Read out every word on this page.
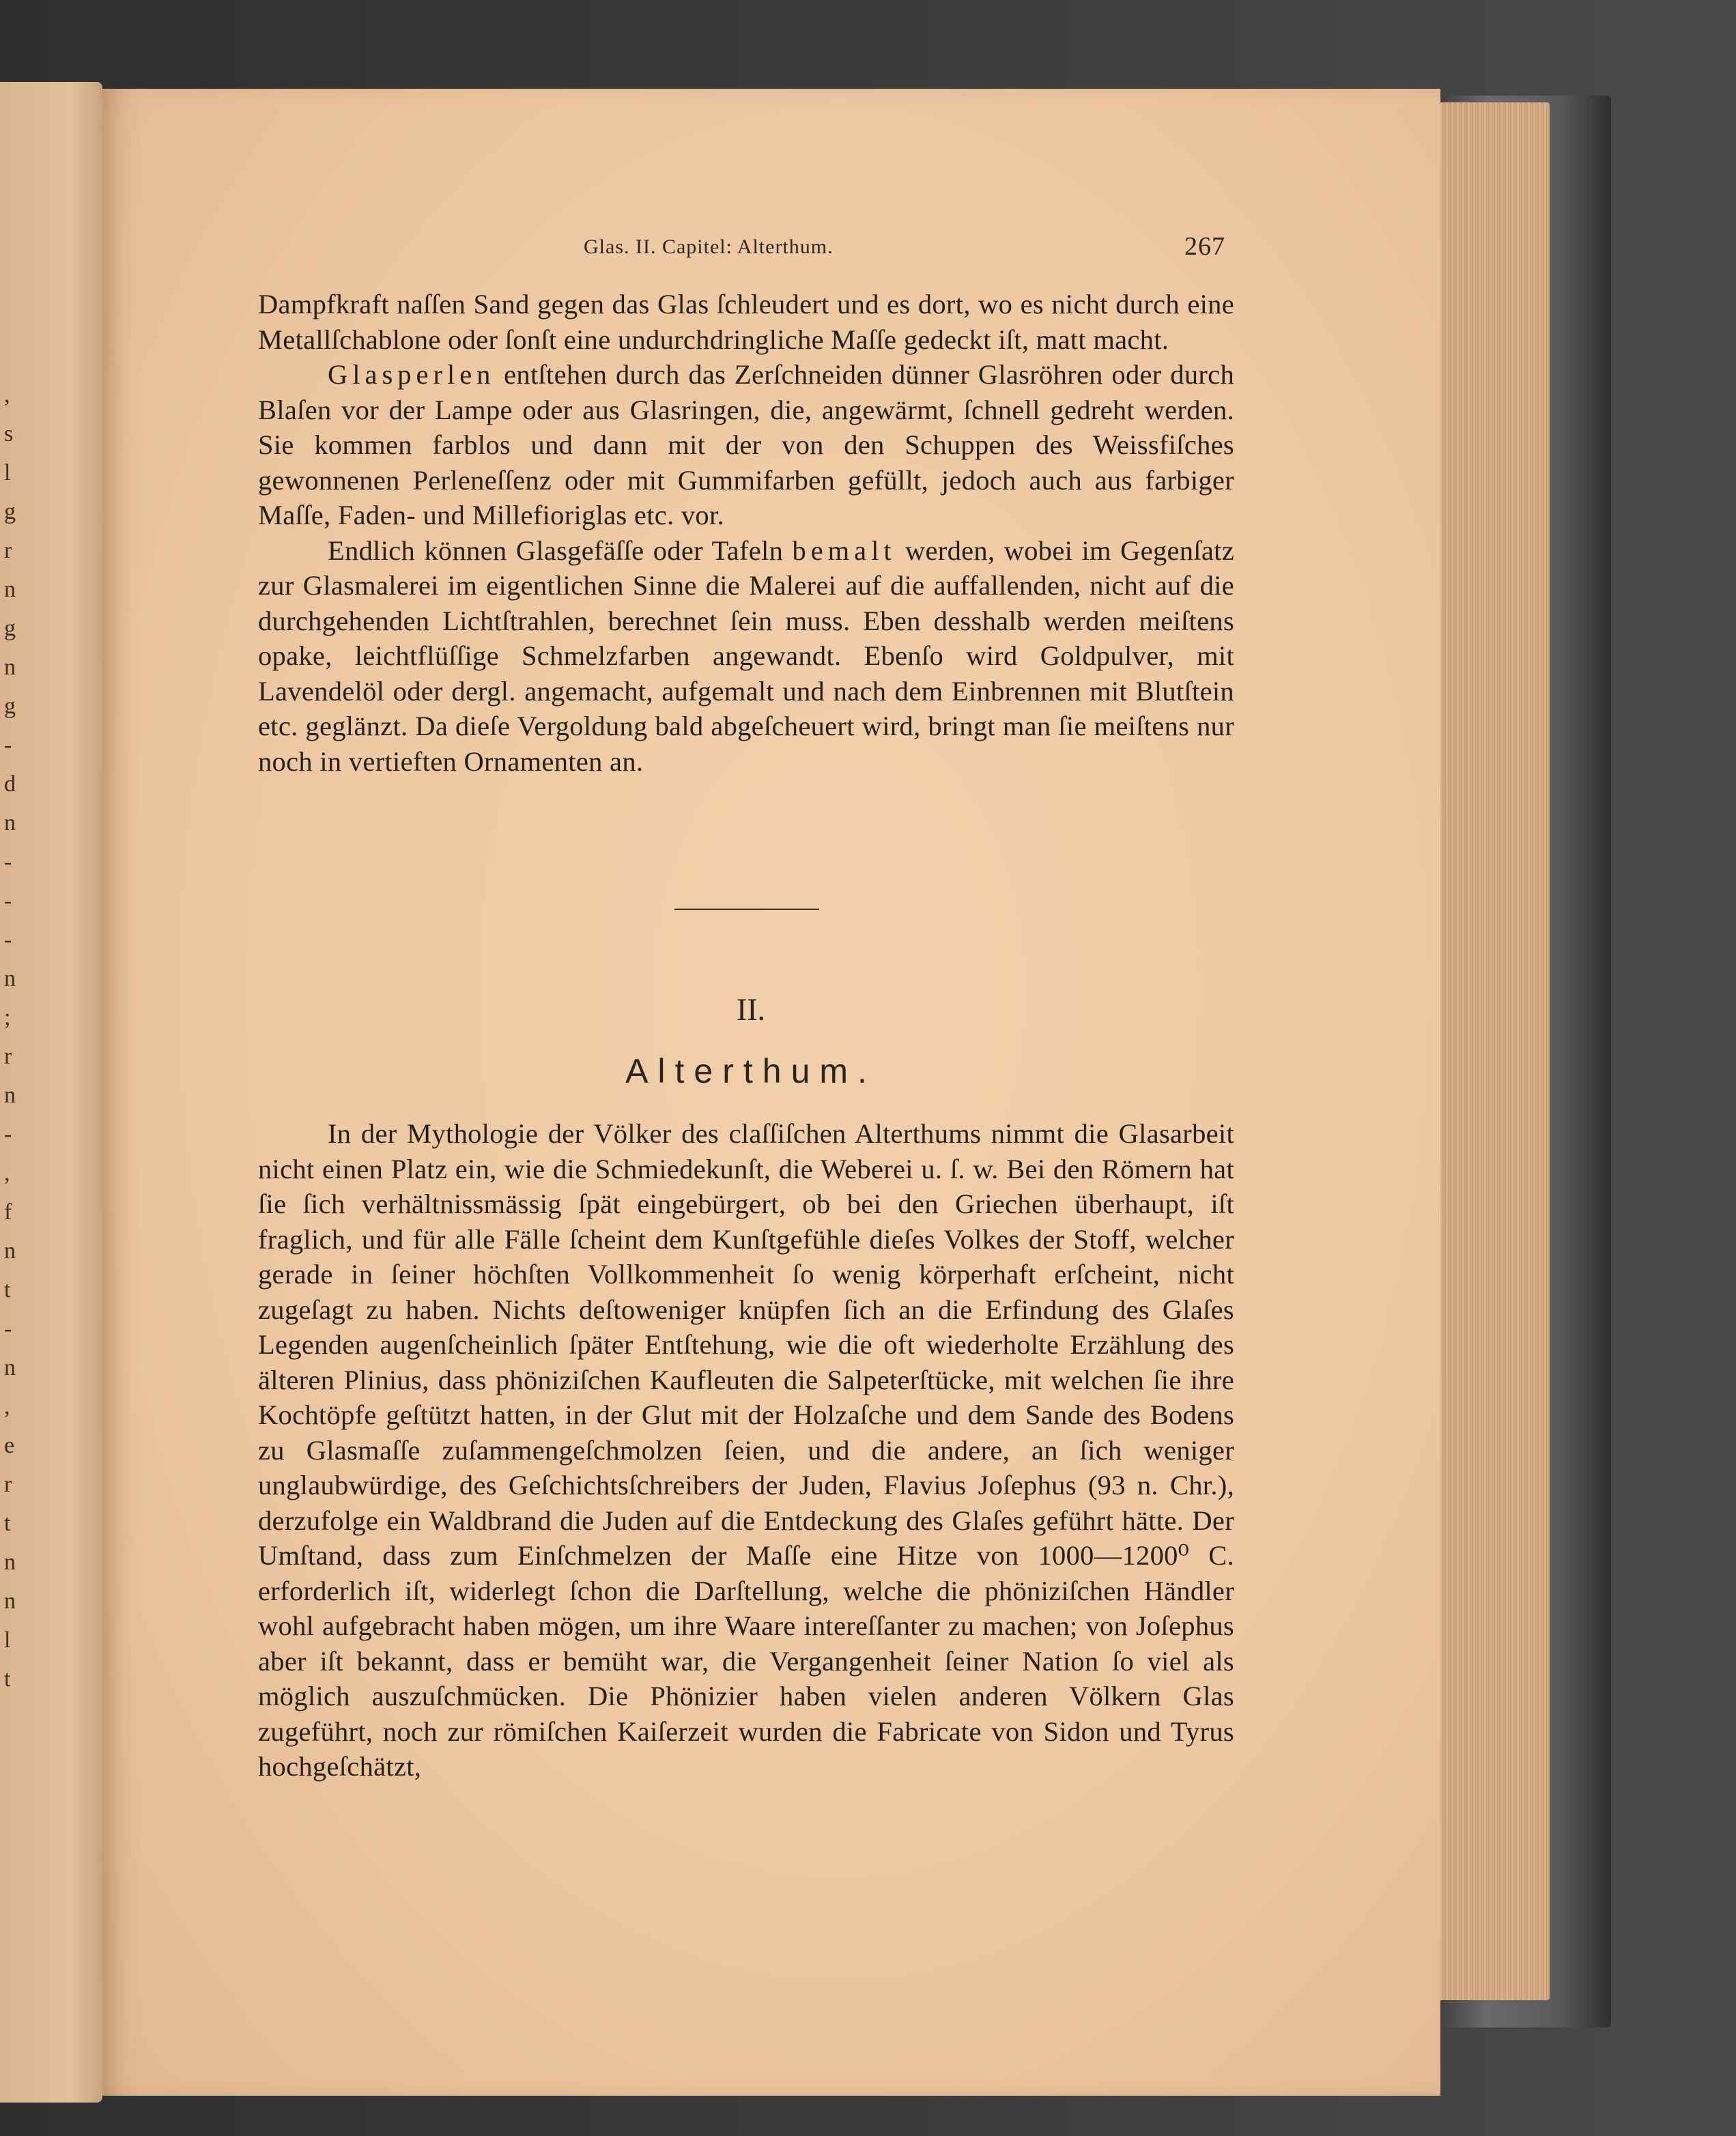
,
s
l
g
r
n
g
n
g
-
d
n
-
-
-
n
;
r
n
-
,
f
n
t
-
n
,
e
r
t
n
n
l
t
Glas. II. Capitel: Alterthum.	267

Dampfkraft naſſen Sand gegen das Glas ſchleudert und es dort, wo es nicht durch eine Metallſchablone oder ſonſt eine undurchdringliche Maſſe gedeckt iſt, matt macht.

Glasperlen entſtehen durch das Zerſchneiden dünner Glasröhren oder durch Blaſen vor der Lampe oder aus Glasringen, die, angewärmt, ſchnell gedreht werden. Sie kommen farblos und dann mit der von den Schuppen des Weissfiſches gewonnenen Perleneſſenz oder mit Gummifarben gefüllt, jedoch auch aus farbiger Maſſe, Faden- und Millefioriglas etc. vor.

Endlich können Glasgefäſſe oder Tafeln bemalt werden, wobei im Gegenſatz zur Glasmalerei im eigentlichen Sinne die Malerei auf die auffallenden, nicht auf die durchgehenden Lichtſtrahlen, berechnet ſein muss. Eben desshalb werden meiſtens opake, leichtflüſſige Schmelzfarben angewandt. Ebenſo wird Goldpulver, mit Lavendelöl oder dergl. angemacht, aufgemalt und nach dem Einbrennen mit Blutſtein etc. geglänzt. Da dieſe Vergoldung bald abgeſcheuert wird, bringt man ſie meiſtens nur noch in vertieften Ornamenten an.

II.
Alterthum.

In der Mythologie der Völker des claſſiſchen Alterthums nimmt die Glasarbeit nicht einen Platz ein, wie die Schmiedekunſt, die Weberei u. ſ. w. Bei den Römern hat ſie ſich verhältnissmässig ſpät eingebürgert, ob bei den Griechen überhaupt, iſt fraglich, und für alle Fälle ſcheint dem Kunſtgefühle dieſes Volkes der Stoff, welcher gerade in ſeiner höchſten Vollkommenheit ſo wenig körperhaft erſcheint, nicht zugeſagt zu haben. Nichts deſtoweniger knüpfen ſich an die Erfindung des Glaſes Legenden augenſcheinlich ſpäter Entſtehung, wie die oft wiederholte Erzählung des älteren Plinius, dass phöniziſchen Kaufleuten die Salpeterſtücke, mit welchen ſie ihre Kochtöpfe geſtützt hatten, in der Glut mit der Holzaſche und dem Sande des Bodens zu Glasmaſſe zuſammengeſchmolzen ſeien, und die andere, an ſich weniger unglaubwürdige, des Geſchichtsſchreibers der Juden, Flavius Joſephus (93 n. Chr.), derzufolge ein Waldbrand die Juden auf die Entdeckung des Glaſes geführt hätte. Der Umſtand, dass zum Einſchmelzen der Maſſe eine Hitze von 1000—1200⁰ C. erforderlich iſt, widerlegt ſchon die Darſtellung, welche die phöniziſchen Händler wohl aufgebracht haben mögen, um ihre Waare intereſſanter zu machen; von Joſephus aber iſt bekannt, dass er bemüht war, die Vergangenheit ſeiner Nation ſo viel als möglich auszuſchmücken. Die Phönizier haben vielen anderen Völkern Glas zugeführt, noch zur römiſchen Kaiſerzeit wurden die Fabricate von Sidon und Tyrus hochgeſchätzt,
